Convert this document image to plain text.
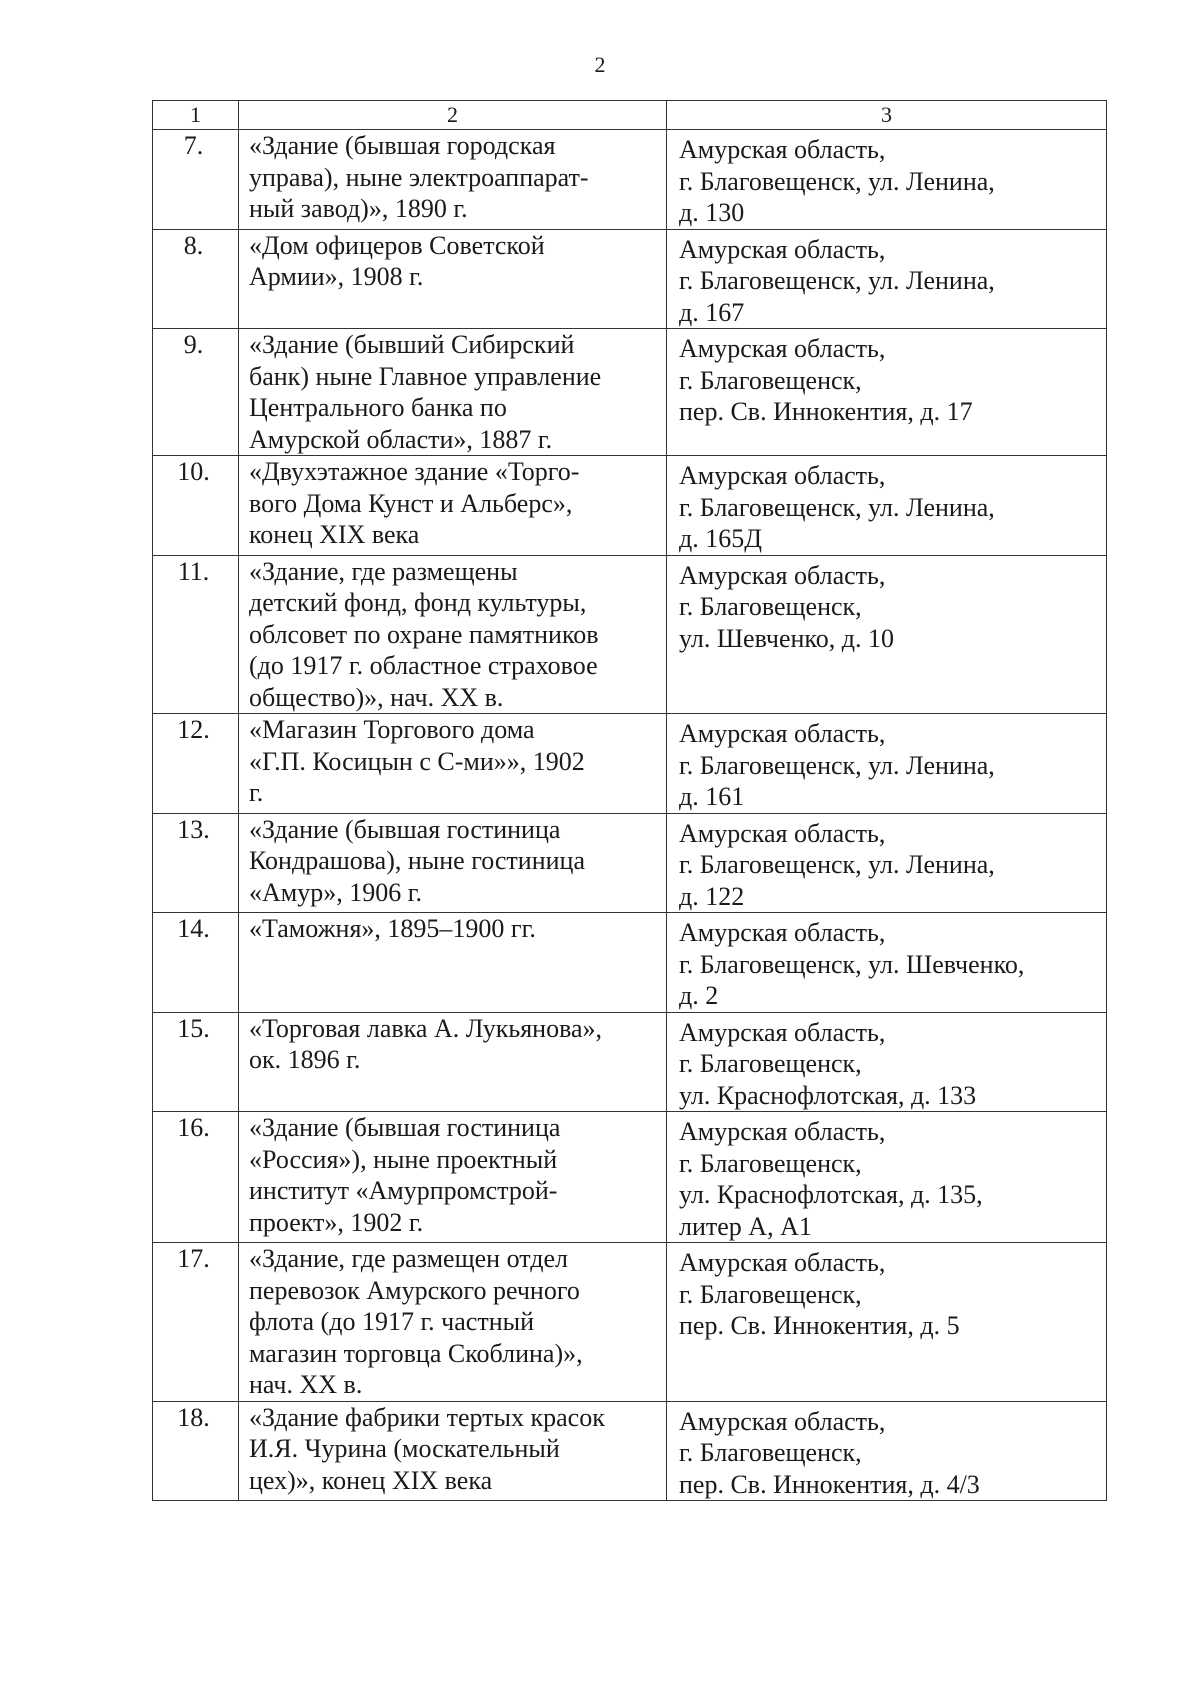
2
1	2	3
7.	«Здание (бывшая городская
управа), ныне электроаппарат-
ный завод)», 1890 г.	Амурская область,
г. Благовещенск, ул. Ленина,
д. 130
8.	«Дом офицеров Советской
Армии», 1908 г.	Амурская область,
г. Благовещенск, ул. Ленина,
д. 167
9.	«Здание (бывший Сибирский
банк) ныне Главное управление
Центрального банка по
Амурской области», 1887 г.	Амурская область,
г. Благовещенск,
пер. Св. Иннокентия, д. 17
10.	«Двухэтажное здание «Торго-
вого Дома Кунст и Альберс»,
конец XIX века	Амурская область,
г. Благовещенск, ул. Ленина,
д. 165Д
11.	«Здание, где размещены
детский фонд, фонд культуры,
облсовет по охране памятников
(до 1917 г. областное страховое
общество)», нач. XX в.	Амурская область,
г. Благовещенск,
ул. Шевченко, д. 10
12.	«Магазин Торгового дома
«Г.П. Косицын с С-ми»», 1902
г.	Амурская область,
г. Благовещенск, ул. Ленина,
д. 161
13.	«Здание (бывшая гостиница
Кондрашова), ныне гостиница
«Амур», 1906 г.	Амурская область,
г. Благовещенск, ул. Ленина,
д. 122
14.	«Таможня», 1895–1900 гг.	Амурская область,
г. Благовещенск, ул. Шевченко,
д. 2
15.	«Торговая лавка А. Лукьянова»,
ок. 1896 г.	Амурская область,
г. Благовещенск,
ул. Краснофлотская, д. 133
16.	«Здание (бывшая гостиница
«Россия»), ныне проектный
институт «Амурпромстрой-
проект», 1902 г.	Амурская область,
г. Благовещенск,
ул. Краснофлотская, д. 135,
литер А, А1
17.	«Здание, где размещен отдел
перевозок Амурского речного
флота (до 1917 г. частный
магазин торговца Скоблина)»,
нач. XX в.	Амурская область,
г. Благовещенск,
пер. Св. Иннокентия, д. 5
18.	«Здание фабрики тертых красок
И.Я. Чурина (москательный
цех)», конец XIX века	Амурская область,
г. Благовещенск,
пер. Св. Иннокентия, д. 4/3
